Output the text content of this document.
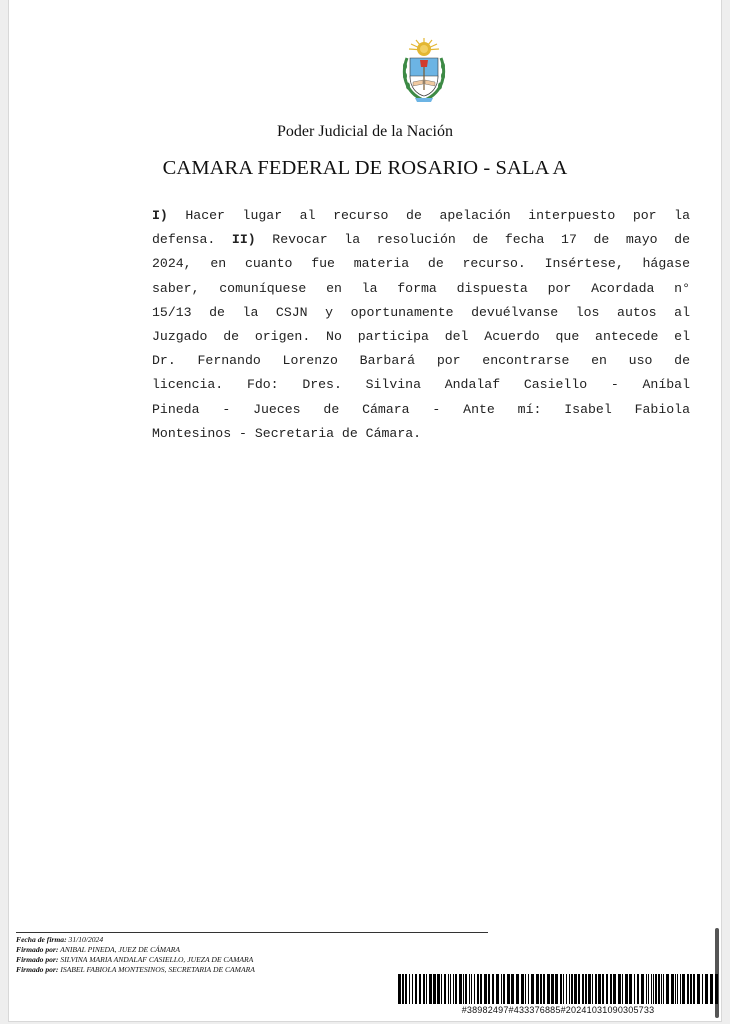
Poder Judicial de la Nación
CAMARA FEDERAL DE ROSARIO - SALA A
I) Hacer lugar al recurso de apelación interpuesto por la
defensa. II) Revocar la resolución de fecha 17 de mayo de
2024, en cuanto fue materia de recurso. Insértese, hágase
saber, comuníquese en la forma dispuesta por Acordada n°
15/13 de la CSJN y oportunamente devuélvanse los autos al
Juzgado de origen. No participa del Acuerdo que antecede el
Dr. Fernando Lorenzo Barbará por encontrarse en uso de
licencia. Fdo: Dres. Silvina Andalaf Casiello - Aníbal
Pineda - Jueces de Cámara - Ante mí: Isabel Fabiola
Montesinos - Secretaria de Cámara.
Fecha de firma: 31/10/2024
Firmado por: ANIBAL PINEDA, JUEZ DE CÁMARA
Firmado por: SILVINA MARIA ANDALAF CASIELLO, JUEZA DE CAMARA
Firmado por: ISABEL FABIOLA MONTESINOS, SECRETARIA DE CAMARA
#38982497#433376885#20241031090305733
